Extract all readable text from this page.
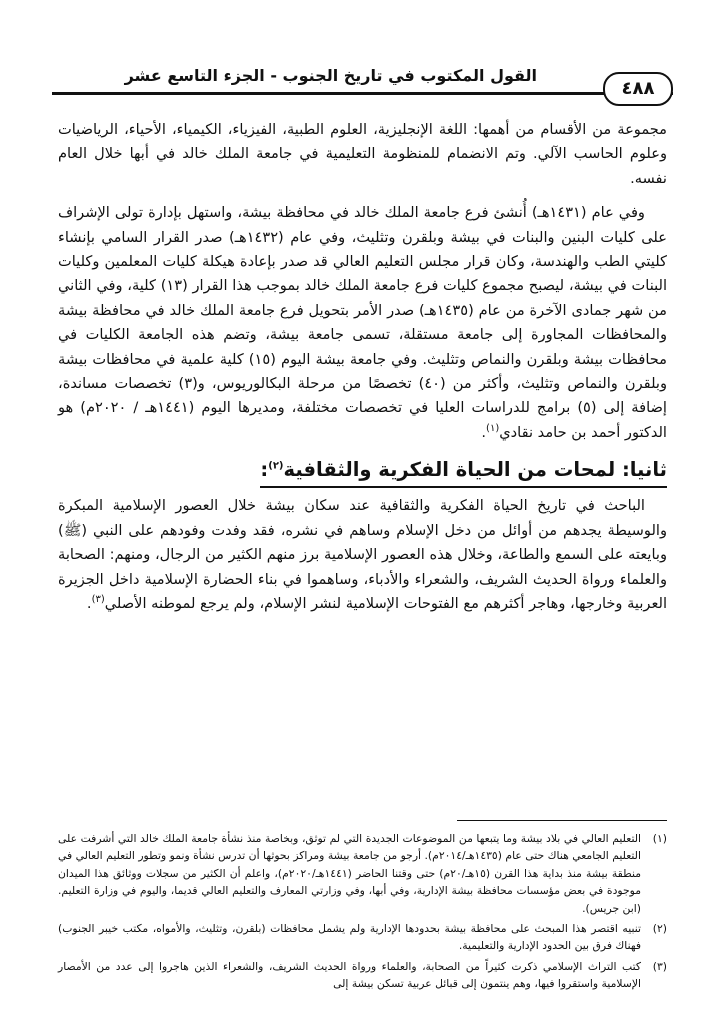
القول المكتوب في تاريخ الجنوب - الجزء التاسع عشر
٤٨٨

مجموعة من الأقسام من أهمها: اللغة الإنجليزية، العلوم الطبية، الفيزياء، الكيمياء، الأحياء، الرياضيات وعلوم الحاسب الآلي. وتم الانضمام للمنظومة التعليمية في جامعة الملك خالد في أبها خلال العام نفسه.

وفي عام (١٤٣١هـ) أُنشئ فرع جامعة الملك خالد في محافظة بيشة، واستهل بإدارة تولى الإشراف على كليات البنين والبنات في بيشة وبلقرن وتثليث، وفي عام (١٤٣٢هـ) صدر القرار السامي بإنشاء كليتي الطب والهندسة، وكان قرار مجلس التعليم العالي قد صدر بإعادة هيكلة كليات المعلمين وكليات البنات في بيشة، ليصبح مجموع كليات فرع جامعة الملك خالد بموجب هذا القرار (١٣) كلية، وفي الثاني من شهر جمادى الآخرة من عام (١٤٣٥هـ) صدر الأمر بتحويل فرع جامعة الملك خالد في محافظة بيشة والمحافظات المجاورة إلى جامعة مستقلة، تسمى جامعة بيشة، وتضم هذه الجامعة الكليات في محافظات بيشة وبلقرن والنماص وتثليث. وفي جامعة بيشة اليوم (١٥) كلية علمية في محافظات بيشة وبلقرن والنماص وتثليث، وأكثر من (٤٠) تخصصًا من مرحلة البكالوريوس، و(٣) تخصصات مساندة، إضافة إلى (٥) برامج للدراسات العليا في تخصصات مختلفة، ومديرها اليوم (١٤٤١هـ / ٢٠٢٠م) هو الدكتور أحمد بن حامد نقادي$^{(١)}$.

ثانيا: لمحات من الحياة الفكرية والثقافية$^{(٢)}$:

الباحث في تاريخ الحياة الفكرية والثقافية عند سكان بيشة خلال العصور الإسلامية المبكرة والوسيطة يجدهم من أوائل من دخل الإسلام وساهم في نشره، فقد وفدت وفودهم على النبي (ﷺ) وبايعته على السمع والطاعة، وخلال هذه العصور الإسلامية برز منهم الكثير من الرجال، ومنهم: الصحابة والعلماء ورواة الحديث الشريف، والشعراء والأدباء، وساهموا في بناء الحضارة الإسلامية داخل الجزيرة العربية وخارجها، وهاجر أكثرهم مع الفتوحات الإسلامية لنشر الإسلام، ولم يرجع لموطنه الأصلي$^{(٣)}$.

(١)
التعليم العالي في بلاد بيشة وما يتبعها من الموضوعات الجديدة التي لم توثق، وبخاصة منذ نشأة جامعة الملك خالد التي أشرفت على التعليم الجامعي هناك حتى عام (١٤٣٥هـ/٢٠١٤م). أرجو من جامعة بيشة ومراكز بحوثها أن تدرس نشأة ونمو وتطور التعليم العالي في منطقة بيشة منذ بداية هذا القرن (١٥هـ/٢٠م) حتى وقتنا الحاضر (١٤٤١هـ/٢٠٢٠م)، واعلم أن الكثير من سجلات ووثائق هذا الميدان موجودة في بعض مؤسسات محافظة بيشة الإدارية، وفي أبها، وفي وزارتي المعارف والتعليم العالي قديما، واليوم في وزارة التعليم. (ابن جريس).
(٢)
تنبيه اقتصر هذا المبحث على محافظة بيشة بحدودها الإدارية ولم يشمل محافظات (بلقرن، وتثليث، والأمواه، مكتب خيبر الجنوب) فهناك فرق بين الحدود الإدارية والتعليمية.
(٣)
كتب التراث الإسلامي ذكرت كثيراً من الصحابة، والعلماء ورواة الحديث الشريف، والشعراء الذين هاجروا إلى عدد من الأمصار الإسلامية واستقروا فيها، وهم ينتمون إلى قبائل عربية تسكن بيشة إلى
